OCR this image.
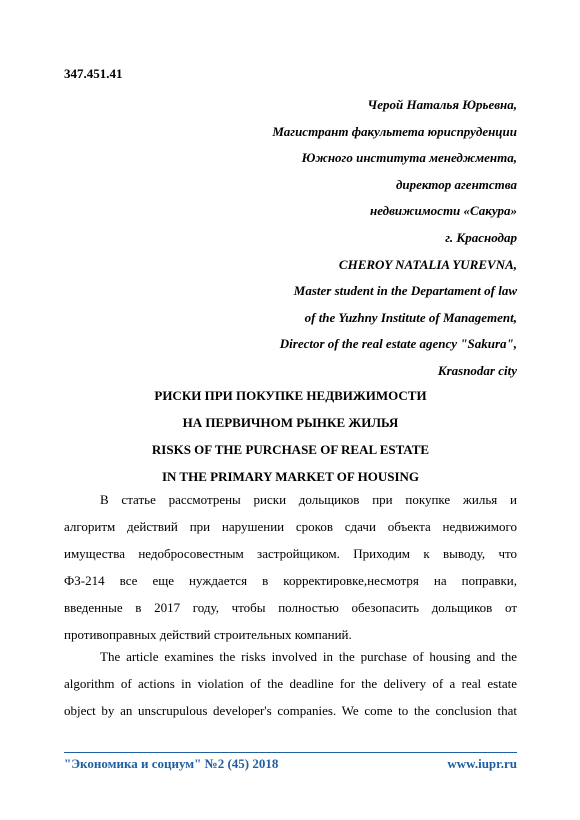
347.451.41
Черой Наталья Юрьевна,
Магистрант факультета юриспруденции
Южного института менеджмента,
директор агентства
недвижимости «Сакура»
г. Краснодар
CHEROY NATALIA YUREVNA,
Master student in the Departament of law
of the Yuzhny Institute of Management,
Director of the real estate agency "Sakura",
Krasnodar city
РИСКИ ПРИ ПОКУПКЕ НЕДВИЖИМОСТИ
НА ПЕРВИЧНОМ РЫНКЕ ЖИЛЬЯ
RISKS OF THE PURCHASE OF REAL ESTATE
IN THE PRIMARY MARKET OF HOUSING
В статье рассмотрены риски дольщиков при покупке жилья и
алгоритм действий при нарушении сроков сдачи объекта недвижимого
имущества недобросовестным застройщиком. Приходим к выводу, что
ФЗ-214 все еще нуждается в корректировке,несмотря на поправки,
введенные в 2017 году, чтобы полностью обезопасить дольщиков от
противоправных действий строительных компаний.
The article examines the risks involved in the purchase of housing and the
algorithm of actions in violation of the deadline for the delivery of a real estate
object by an unscrupulous developer's companies. We come to the conclusion that
"Экономика и социум" №2 (45) 2018	www.iupr.ru
